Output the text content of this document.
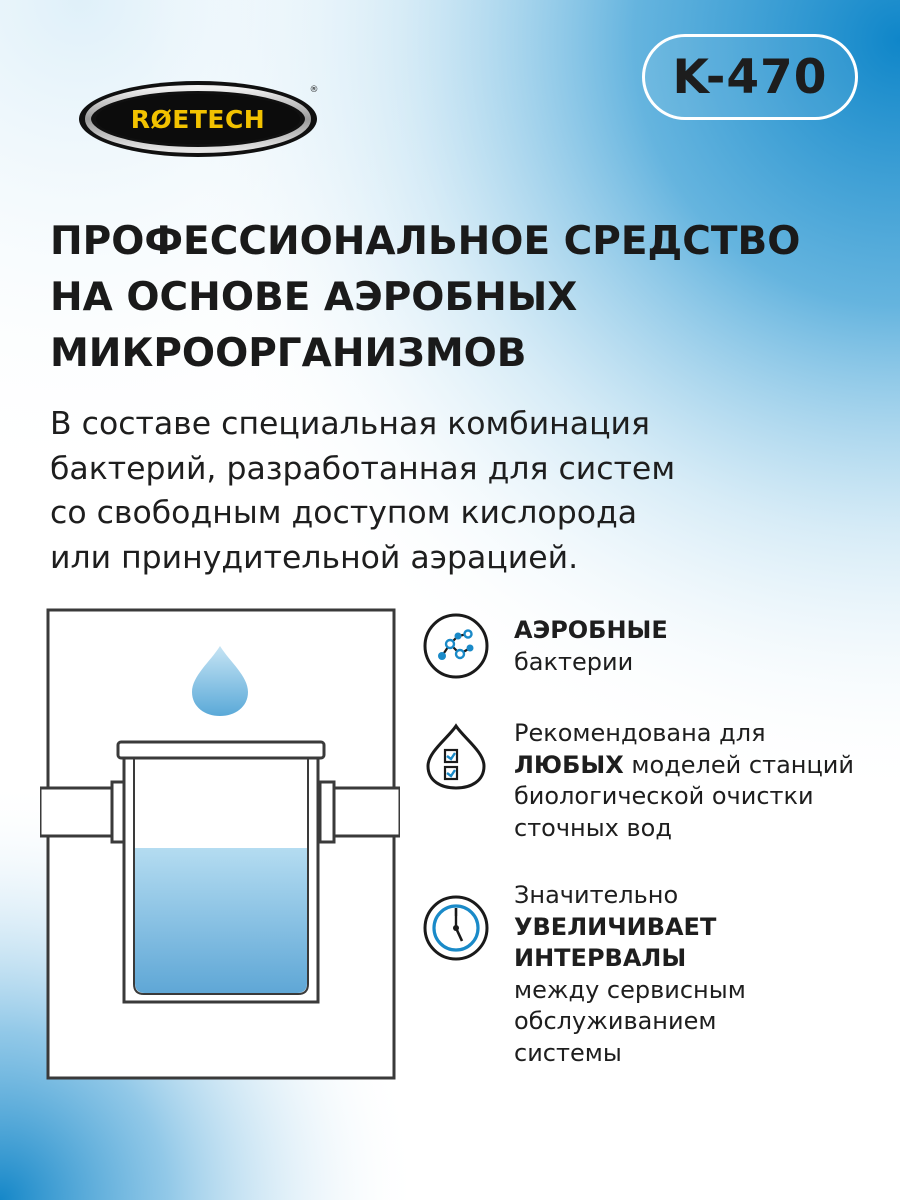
RØETECH
®	K-470
ПРОФЕССИОНАЛЬНОЕ СРЕДСТВО
НА ОСНОВЕ АЭРОБНЫХ
МИКРООРГАНИЗМОВ
В составе специальная комбинация
бактерий, разработанная для систем
со свободным доступом кислорода
или принудительной аэрацией.
АЭРОБНЫЕ
бактерии
Рекомендована для
ЛЮБЫХ моделей станций
биологической очистки
сточных вод
Значительно
УВЕЛИЧИВАЕТ
ИНТЕРВАЛЫ
между сервисным
обслуживанием
системы
